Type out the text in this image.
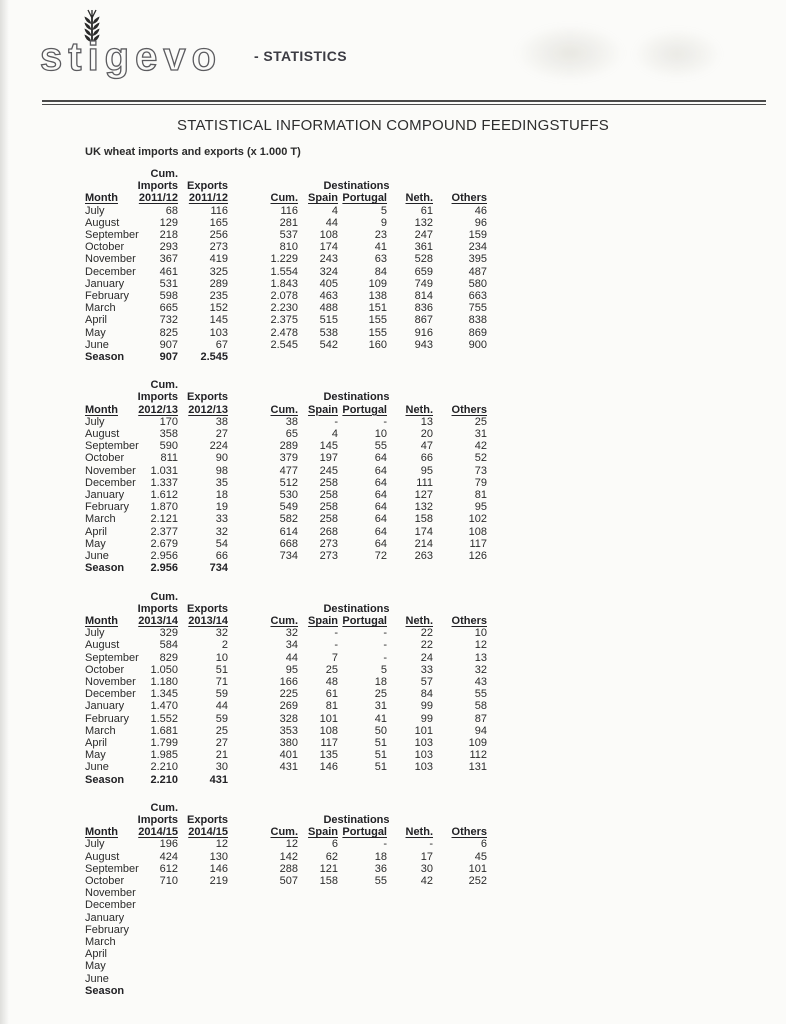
stigevo - STATISTICS
STATISTICAL INFORMATION COMPOUND FEEDINGSTUFFS
UK wheat imports and exports (x 1.000 T)
Cum.
Imports Exports	Destinations
Month	2011/12 2011/12	Cum. Spain Portugal	Neth.	Others
July	68	116	116	4	5	61	46
August	129	165	281	44	9	132	96
September	218	256	537	108	23	247	159
October	293	273	810	174	41	361	234
November	367	419	1.229	243	63	528	395
December	461	325	1.554	324	84	659	487
January	531	289	1.843	405	109	749	580
February	598	235	2.078	463	138	814	663
March	665	152	2.230	488	151	836	755
April	732	145	2.375	515	155	867	838
May	825	103	2.478	538	155	916	869
June	907	67	2.545	542	160	943	900
Season	907	2.545
Cum.
Imports Exports	Destinations
Month	2012/13 2012/13	Cum. Spain Portugal	Neth.	Others
July	170	38	38	-	-	13	25
August	358	27	65	4	10	20	31
September	590	224	289	145	55	47	42
October	811	90	379	197	64	66	52
November	1.031	98	477	245	64	95	73
December	1.337	35	512	258	64	111	79
January	1.612	18	530	258	64	127	81
February	1.870	19	549	258	64	132	95
March	2.121	33	582	258	64	158	102
April	2.377	32	614	268	64	174	108
May	2.679	54	668	273	64	214	117
June	2.956	66	734	273	72	263	126
Season	2.956	734
Cum.
Imports Exports	Destinations
Month	2013/14 2013/14	Cum. Spain Portugal	Neth.	Others
July	329	32	32	-	-	22	10
August	584	2	34	-	-	22	12
September	829	10	44	7	-	24	13
October	1.050	51	95	25	5	33	32
November	1.180	71	166	48	18	57	43
December	1.345	59	225	61	25	84	55
January	1.470	44	269	81	31	99	58
February	1.552	59	328	101	41	99	87
March	1.681	25	353	108	50	101	94
April	1.799	27	380	117	51	103	109
May	1.985	21	401	135	51	103	112
June	2.210	30	431	146	51	103	131
Season	2.210	431
Cum.
Imports Exports	Destinations
Month	2014/15 2014/15	Cum. Spain Portugal	Neth.	Others
July	196	12	12	6	-	-	6
August	424	130	142	62	18	17	45
September	612	146	288	121	36	30	101
October	710	219	507	158	55	42	252
November
December
January
February
March
April
May
June
Season
